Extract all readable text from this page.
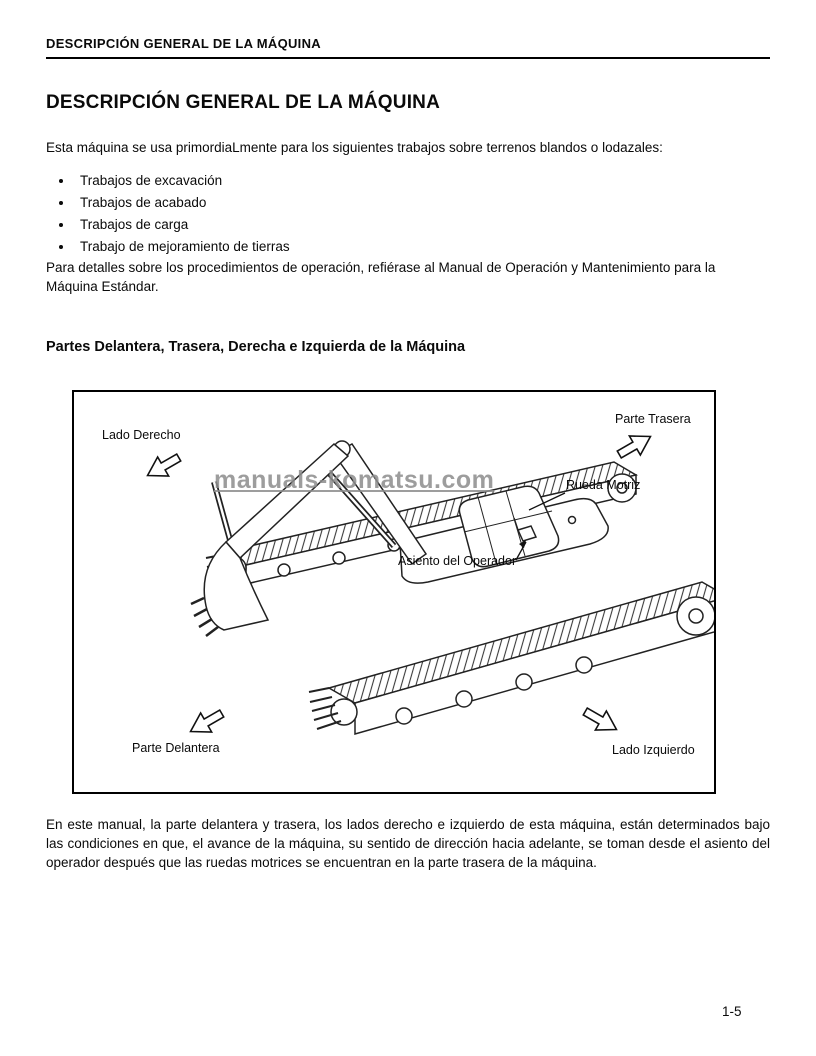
DESCRIPCIÓN GENERAL DE LA MÁQUINA
DESCRIPCIÓN GENERAL DE LA MÁQUINA

Esta máquina se usa primordiaLmente para los siguientes trabajos sobre terrenos blandos o lodazales:

• Trabajos de excavación
• Trabajos de acabado
• Trabajos de carga
• Trabajo de mejoramiento de tierras

Para detalles sobre los procedimientos de operación, refiérase al Manual de Operación y Mantenimiento para la Máquina Estándar.

Partes Delantera, Trasera, Derecha e Izquierda de la Máquina
manuals-komatsu.com
Lado Derecho
Parte Trasera
Rueda Motriz
Asiento del Operador
Parte Delantera	Lado Izquierdo

En este manual, la parte delantera y trasera, los lados derecho e izquierdo de esta máquina, están determinados bajo las condiciones en que, el avance de la máquina, su sentido de dirección hacia adelante, se toman desde el asiento del operador después que las ruedas motrices se encuentran en la parte trasera de la máquina.

1-5
